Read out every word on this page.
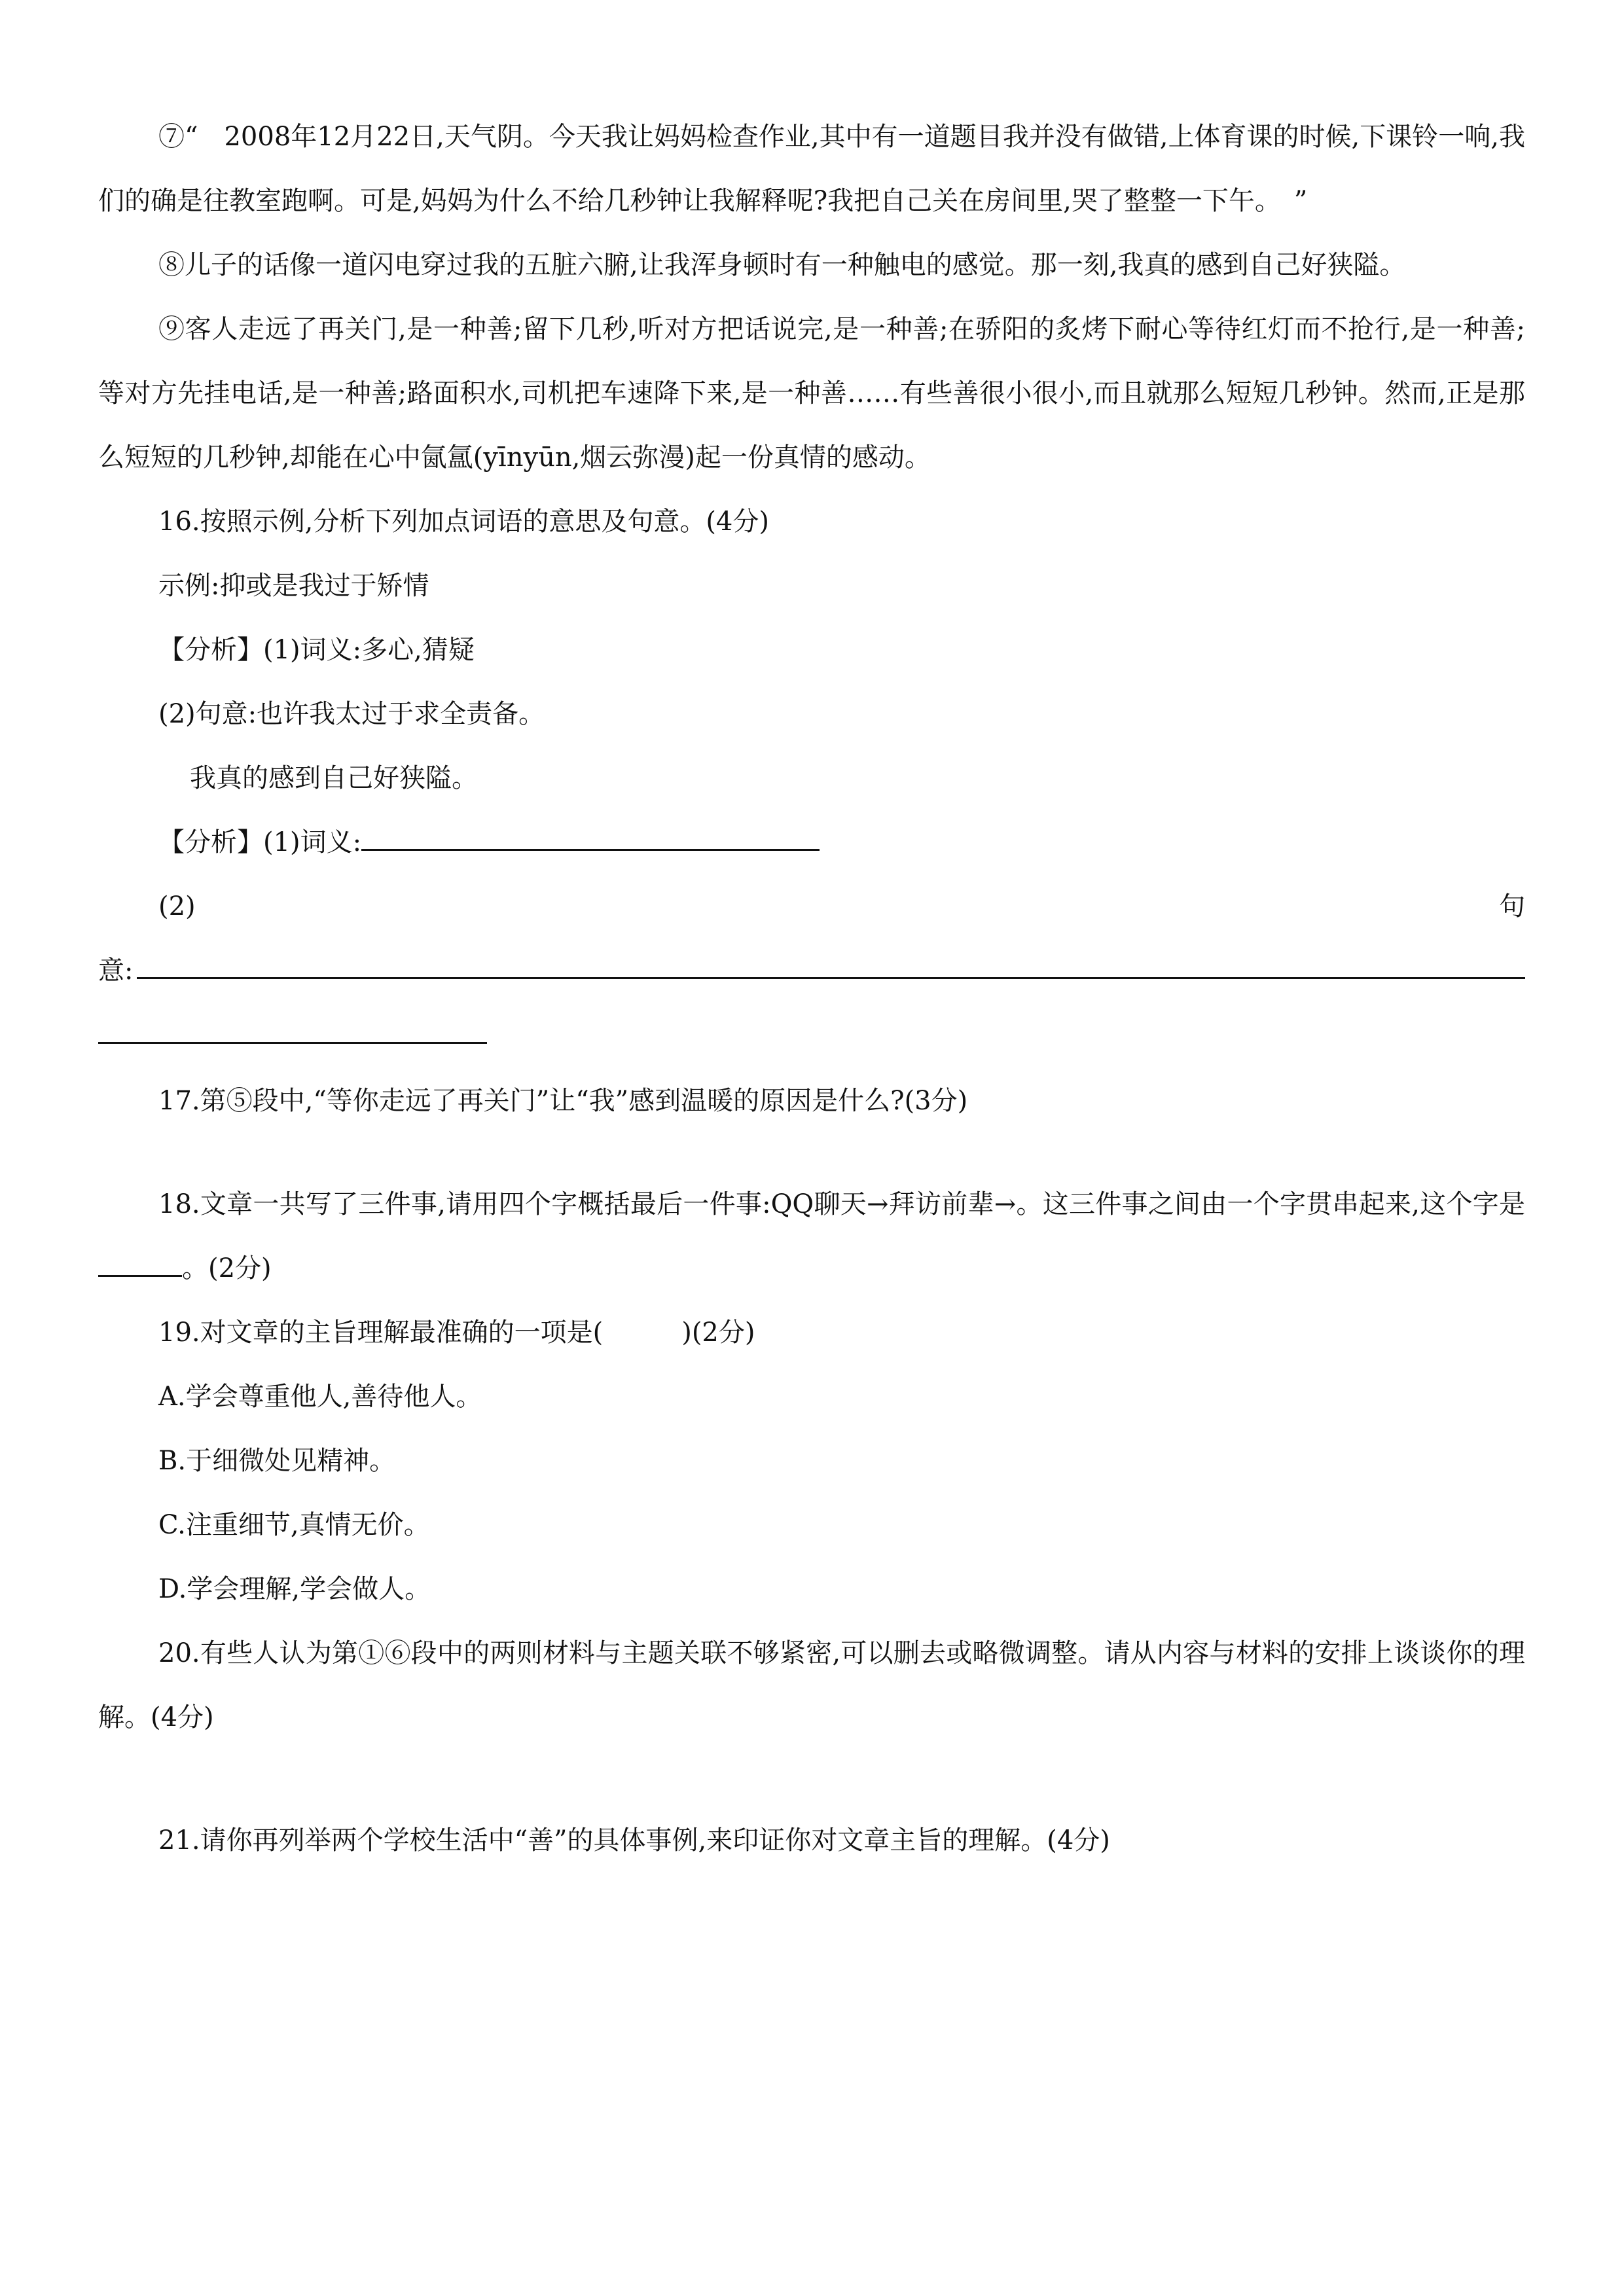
⑦“　2008年12月22日,天气阴。今天我让妈妈检查作业,其中有一道题目我并没有做错,上体育课的时候,下课铃一响,我们的确是往教室跑啊。可是,妈妈为什么不给几秒钟让我解释呢?我把自己关在房间里,哭了整整一下午。　”

⑧儿子的话像一道闪电穿过我的五脏六腑,让我浑身顿时有一种触电的感觉。那一刻,我真的感到自己好狭隘。

⑨客人走远了再关门,是一种善;留下几秒,听对方把话说完,是一种善;在骄阳的炙烤下耐心等待红灯而不抢行,是一种善;等对方先挂电话,是一种善;路面积水,司机把车速降下来,是一种善……有些善很小很小,而且就那么短短几秒钟。然而,正是那么短短的几秒钟,却能在心中氤氲(yīnyūn,烟云弥漫)起一份真情的感动。

16.按照示例,分析下列加点词语的意思及句意。(4分)

示例:抑或是我过于矫情

【分析】(1)词义:多心,猜疑

(2)句意:也许我太过于求全责备。

我真的感到自己好狭隘。

【分析】(1)词义:

(2)	句
意:

17.第⑤段中,“等你走远了再关门”让“我”感到温暖的原因是什么?(3分)

18.文章一共写了三件事,请用四个字概括最后一件事:QQ聊天→拜访前辈→。这三件事之间由一个字贯串起来,这个字是。(2分)

19.对文章的主旨理解最准确的一项是(　　　)(2分)

A.学会尊重他人,善待他人。

B.于细微处见精神。

C.注重细节,真情无价。

D.学会理解,学会做人。

20.有些人认为第①⑥段中的两则材料与主题关联不够紧密,可以删去或略微调整。请从内容与材料的安排上谈谈你的理解。(4分)

21.请你再列举两个学校生活中“善”的具体事例,来印证你对文章主旨的理解。(4分)
